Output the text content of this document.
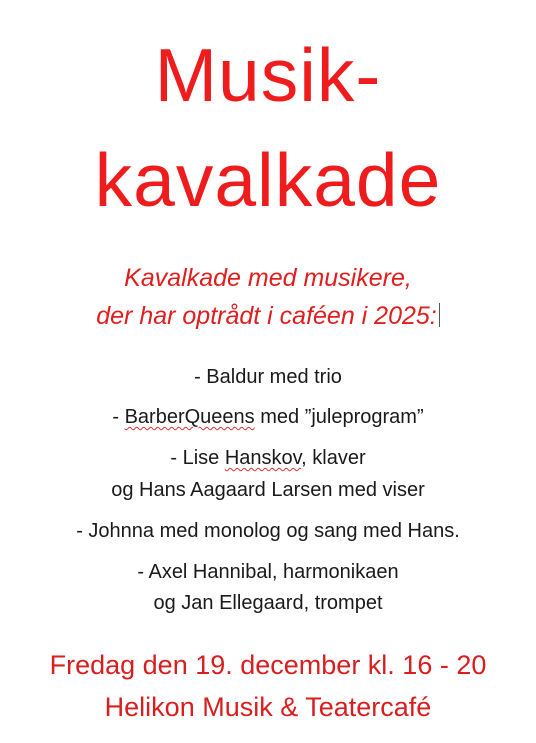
Musik-
kavalkade
Kavalkade med musikere,
der har optrådt i caféen i 2025:
- Baldur med trio
- BarberQueens med ”juleprogram”
- Lise Hanskov, klaver
og Hans Aagaard Larsen med viser
- Johnna med monolog og sang med Hans.
- Axel Hannibal, harmonikaen
og Jan Ellegaard, trompet
Fredag den 19. december kl. 16 - 20
Helikon Musik & Teatercafé
